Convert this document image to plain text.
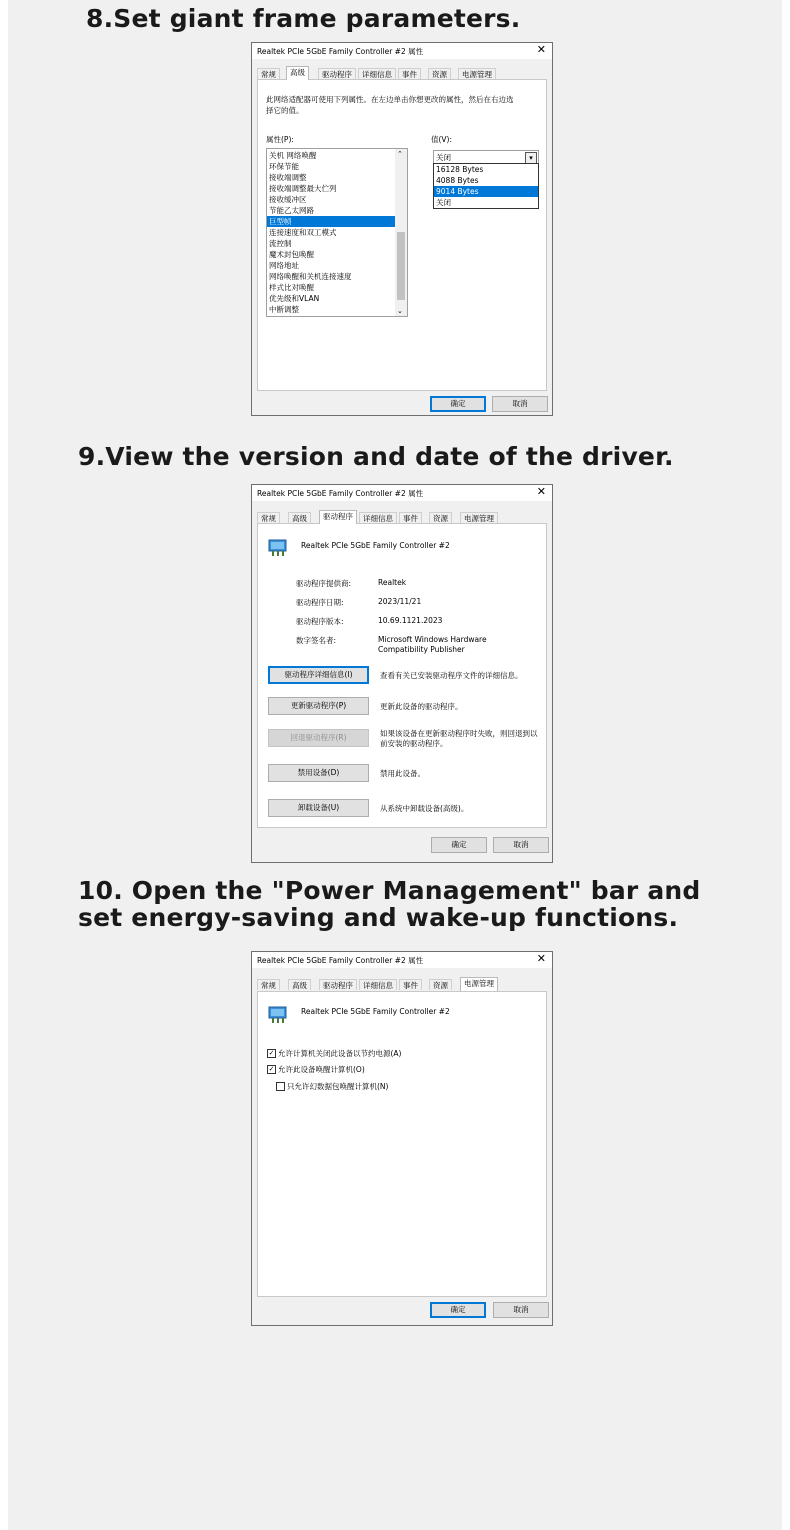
8.Set giant frame parameters.
Realtek PCIe 5GbE Family Controller #2 属性	✕
常规	高级	驱动程序	详细信息	事件	资源	电源管理
此网络适配器可使用下列属性。在左边单击你想更改的属性，然后在右边选择它的值。
属性(P):	值(V):
关机 网络唤醒
环保节能
接收端调整
接收端调整最大伫列
接收缓冲区
节能乙太网路
巨型帧
连接速度和双工模式
流控制
魔术封包唤醒
网络地址
网络唤醒和关机连接速度
样式比对唤醒
优先级和VLAN
中断调整
⌃
⌄
关闭	▾
16128 Bytes
4088 Bytes
9014 Bytes
关闭
确定	取消
9.View the version and date of the driver.
Realtek PCIe 5GbE Family Controller #2 属性	✕
常规	高级	驱动程序	详细信息	事件	资源	电源管理
Realtek PCIe 5GbE Family Controller #2
驱动程序提供商:	Realtek
驱动程序日期:	2023/11/21
驱动程序版本:	10.69.1121.2023
数字签名者:	Microsoft Windows Hardware Compatibility Publisher
驱动程序详细信息(I)	查看有关已安装驱动程序文件的详细信息。
更新驱动程序(P)	更新此设备的驱动程序。
回退驱动程序(R)	如果该设备在更新驱动程序时失败，则回退到以前安装的驱动程序。
禁用设备(D)	禁用此设备。
卸载设备(U)	从系统中卸载设备(高级)。
确定	取消
10. Open the "Power Management" bar and set energy-saving and wake-up functions.
Realtek PCIe 5GbE Family Controller #2 属性	✕
常规	高级	驱动程序	详细信息	事件	资源	电源管理
Realtek PCIe 5GbE Family Controller #2
✓ 允许计算机关闭此设备以节约电源(A)
✓ 允许此设备唤醒计算机(O)
只允许幻数据包唤醒计算机(N)
确定	取消
